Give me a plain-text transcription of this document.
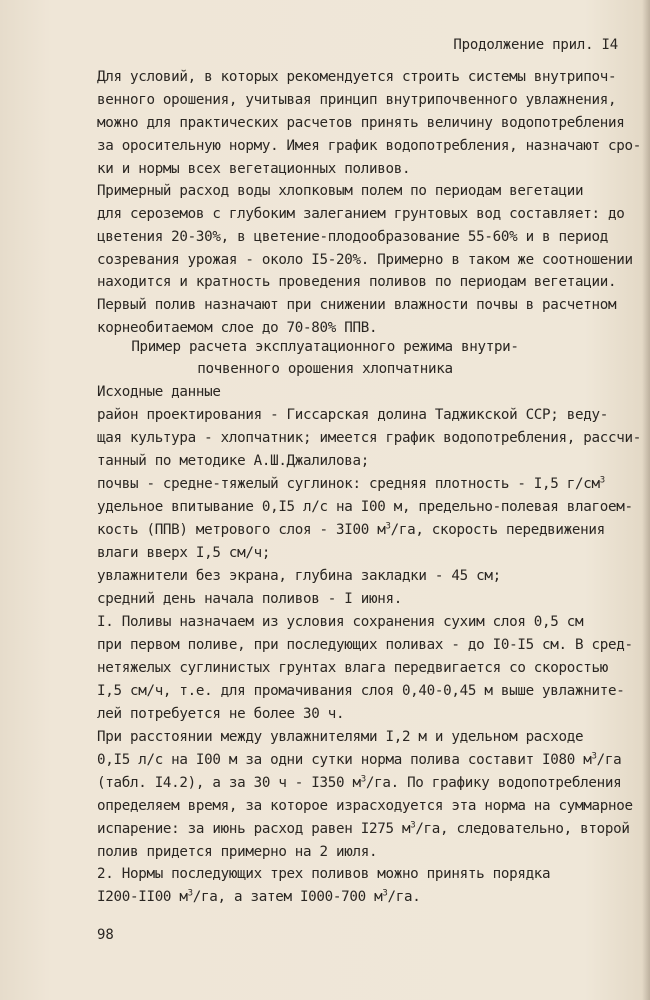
Продолжение прил. I4
Для условий, в которых рекомендуется строить системы внутрипоч-
венного орошения, учитывая принцип внутрипочвенного увлажнения,
можно для практических расчетов принять величину водопотребления
за оросительную норму. Имея график водопотребления, назначают сро-
ки и нормы всех вегетационных поливов.
Примерный расход воды хлопковым полем по периодам вегетации
для сероземов с глубоким залеганием грунтовых вод составляет: до
цветения 20-30%, в цветение-плодообразование 55-60% и в период
созревания урожая - около I5-20%. Примерно в таком же соотношении
находится и кратность проведения поливов по периодам вегетации.
Первый полив назначают при снижении влажности почвы в расчетном
корнеобитаемом слое до 70-80% ППВ.
Пример расчета эксплуатационного режима внутри-
почвенного орошения хлопчатника
Исходные данные
район проектирования - Гиссарская долина Таджикской ССР; веду-
щая культура - хлопчатник; имеется график водопотребления, рассчи-
танный по методике А.Ш.Джалилова;
почвы - средне-тяжелый суглинок: средняя плотность - I,5 $г/см^3$
удельное впитывание 0,I5 л/с на I00 м, предельно-полевая влагоем-
кость (ППВ) метрового слоя - 3I00 $м^3/га$, скорость передвижения
влаги вверх I,5 см/ч;
увлажнители без экрана, глубина закладки - 45 см;
средний день начала поливов - I июня.
I. Поливы назначаем из условия сохранения сухим слоя 0,5 см
при первом поливе, при последующих поливах - до I0-I5 см. В сред-
нетяжелых суглинистых грунтах влага передвигается со скоростью
I,5 см/ч, т.е. для промачивания слоя 0,40-0,45 м выше увлажните-
лей потребуется не более 30 ч.
При расстоянии между увлажнителями I,2 м и удельном расходе
0,I5 л/с на I00 м за одни сутки норма полива составит I080 $м^3/га$
(табл. I4.2), а за 30 ч - I350 $м^3/га$. По графику водопотребления
определяем время, за которое израсходуется эта норма на суммарное
испарение: за июнь расход равен I275 $м^3/га$, следовательно, второй
полив придется примерно на 2 июля.
2. Нормы последующих трех поливов можно принять порядка
I200-II00 $м^3/га$, а затем I000-700 $м^3/га$.
98
